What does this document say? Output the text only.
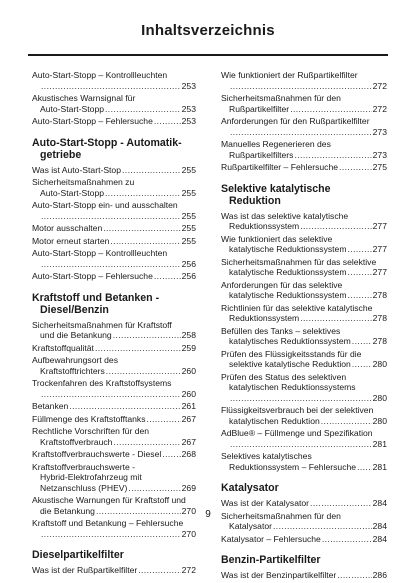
Inhaltsverzeichnis
Auto-Start-Stopp – Kontrollleuchten
.....
253
Akustisches Warnsignal für
Auto-Start-Stopp .....	253
Auto-Start-Stopp – Fehlersuche .....	253
Auto-Start-Stopp - Automatik-
getriebe
Was ist Auto-Start-Stop .....	255
Sicherheitsmaßnahmen zu
Auto-Start-Stopp .....	255
Auto-Start-Stopp ein- und ausschalten
.....
255
Motor ausschalten .....	255
Motor erneut starten .....	255
Auto-Start-Stopp – Kontrollleuchten
.....
256
Auto-Start-Stopp – Fehlersuche .....	256
Kraftstoff und Betanken -
Diesel/Benzin
Sicherheitsmaßnahmen für Kraftstoff
und die Betankung .....	258
Kraftstoffqualität .....	259
Aufbewahrungsort des
Kraftstofftrichters .....	260
Trockenfahren des Kraftstoffsystems
.....
260
Betanken .....	261
Füllmenge des Kraftstofftanks .....	267
Rechtliche Vorschriften für den
Kraftstoffverbrauch .....	267
Kraftstoffverbrauchswerte - Diesel ..... 268
Kraftstoffverbrauchswerte -
Hybrid-Elektrofahrzeug mit
Netzanschluss (PHEV) .....	269
Akustische Warnungen für Kraftstoff und
die Betankung .....	270
Kraftstoff und Betankung – Fehlersuche
.....
270
Dieselpartikelfilter
Was ist der Rußpartikelfilter .....	272
Wie funktioniert der Rußpartikelfilter
.....
272
Sicherheitsmaßnahmen für den
Rußpartikelfilter .....	272
Anforderungen für den Rußpartikelfilter
.....
273
Manuelles Regenerieren des
Rußpartikelfilters .....	273
Rußpartikelfilter – Fehlersuche .....	275
Selektive katalytische
Reduktion
Was ist das selektive katalytische
Reduktionssystem .....	277
Wie funktioniert das selektive
katalytische Reduktionssystem .....	277
Sicherheitsmaßnahmen für das selektive
katalytische Reduktionssystem .....	277
Anforderungen für das selektive
katalytische Reduktionssystem .....	278
Richtlinien für das selektive katalytische
Reduktionssystem .....	278
Befüllen des Tanks – selektives
katalytisches Reduktionssystem .....	278
Prüfen des Flüssigkeitsstands für die
selektive katalytische Reduktion .....	280
Prüfen des Status des selektiven
katalytischen Reduktionssystems
.....
280
Flüssigkeitsverbrauch bei der selektiven
katalytischen Reduktion .....	280
AdBlue® – Füllmenge und Spezifikation
.....
281
Selektives katalytisches
Reduktionssystem – Fehlersuche ..... 281
Katalysator
Was ist der Katalysator .....	284
Sicherheitsmaßnahmen für den
Katalysator .....	284
Katalysator – Fehlersuche .....	284
Benzin-Partikelfilter
Was ist der Benzinpartikelfilter .....	286
9
